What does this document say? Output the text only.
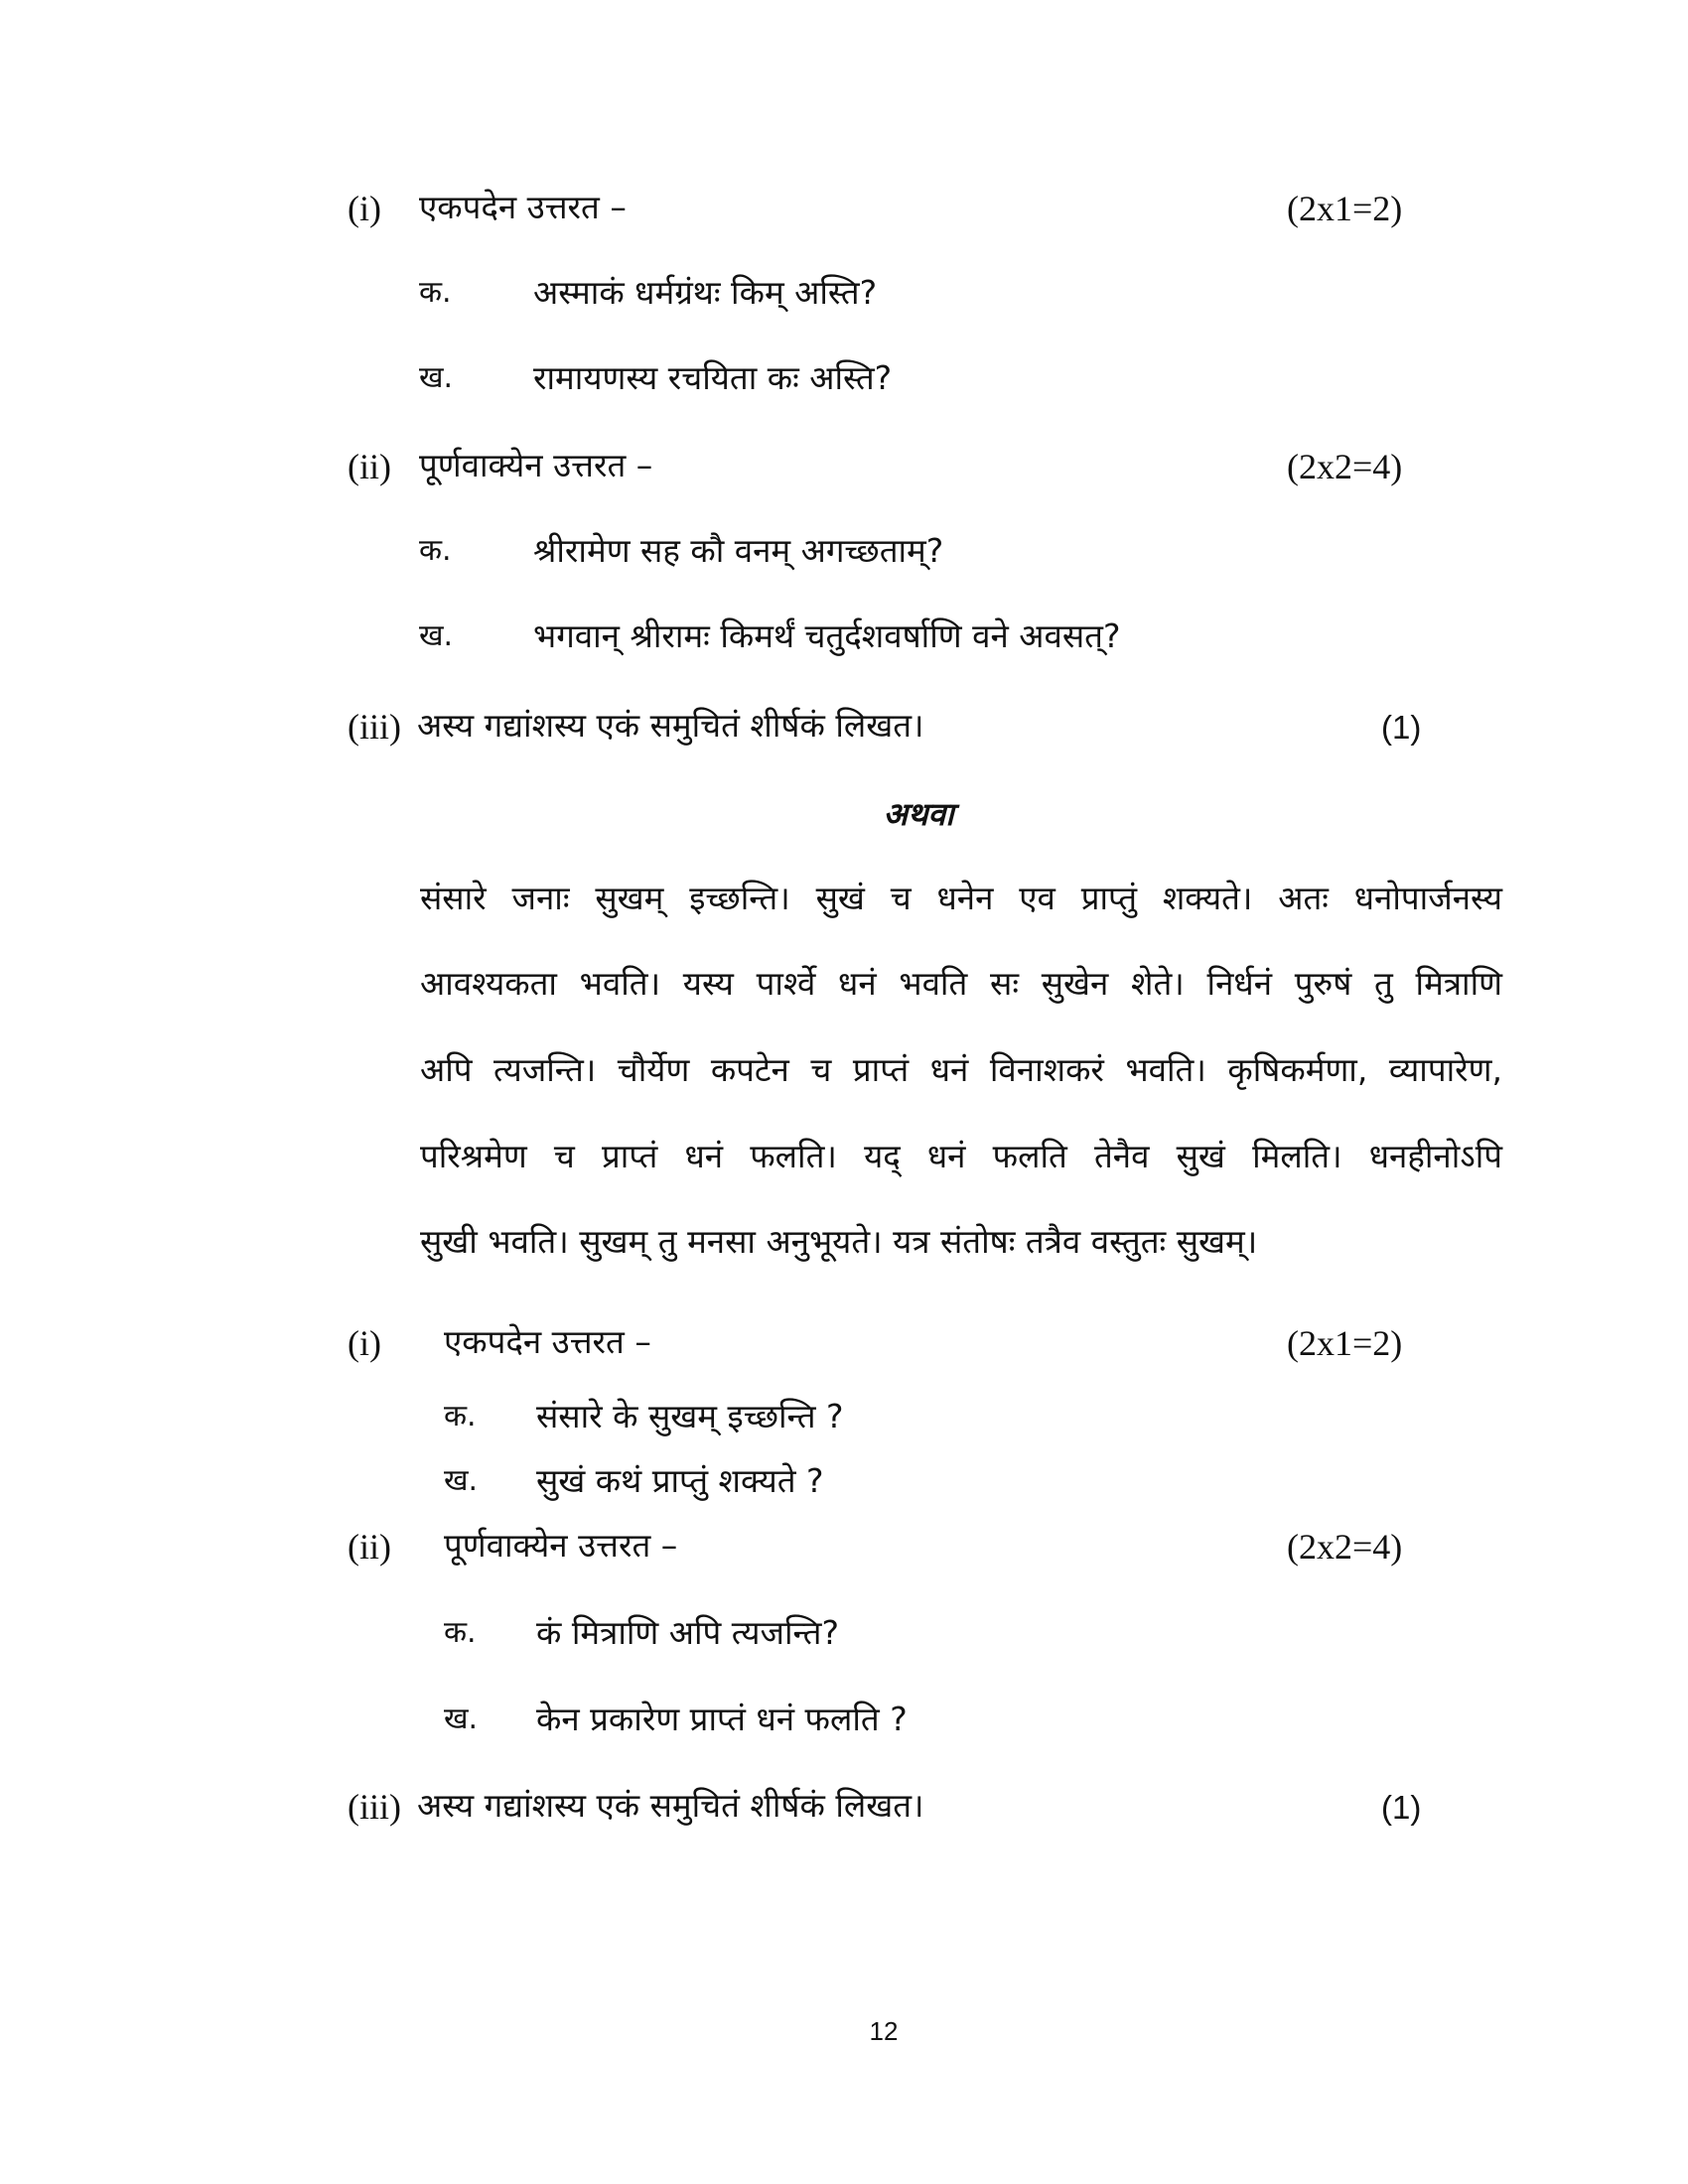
(i) एकपदेन उत्तरत –	(2x1=2)
क. अस्माकं धर्मग्रंथः किम् अस्ति?
ख. रामायणस्य रचयिता कः अस्ति?
(ii) पूर्णवाक्येन उत्तरत –	(2x2=4)
क. श्रीरामेण सह कौ वनम् अगच्छताम्?
ख. भगवान् श्रीरामः किमर्थं चतुर्दशवर्षाणि वने अवसत्?
(iii) अस्य गद्यांशस्य एकं समुचितं शीर्षकं लिखत।	(1)
अथवा
संसारे जनाः सुखम् इच्छन्ति। सुखं च धनेन एव प्राप्तुं शक्यते। अतः धनोपार्जनस्य
आवश्यकता भवति। यस्य पार्श्वे धनं भवति सः सुखेन शेते। निर्धनं पुरुषं तु मित्राणि
अपि त्यजन्ति। चौर्येण कपटेन च प्राप्तं धनं विनाशकरं भवति। कृषिकर्मणा, व्यापारेण,
परिश्रमेण च प्राप्तं धनं फलति। यद् धनं फलति तेनैव सुखं मिलति। धनहीनोऽपि
सुखी भवति। सुखम् तु मनसा अनुभूयते। यत्र संतोषः तत्रैव वस्तुतः सुखम्।
(i) एकपदेन उत्तरत –	(2x1=2)
क. संसारे के सुखम् इच्छन्ति ?
ख. सुखं कथं प्राप्तुं शक्यते ?
(ii) पूर्णवाक्येन उत्तरत –	(2x2=4)
क. कं मित्राणि अपि त्यजन्ति?
ख. केन प्रकारेण प्राप्तं धनं फलति ?
(iii) अस्य गद्यांशस्य एकं समुचितं शीर्षकं लिखत।	(1)
12
